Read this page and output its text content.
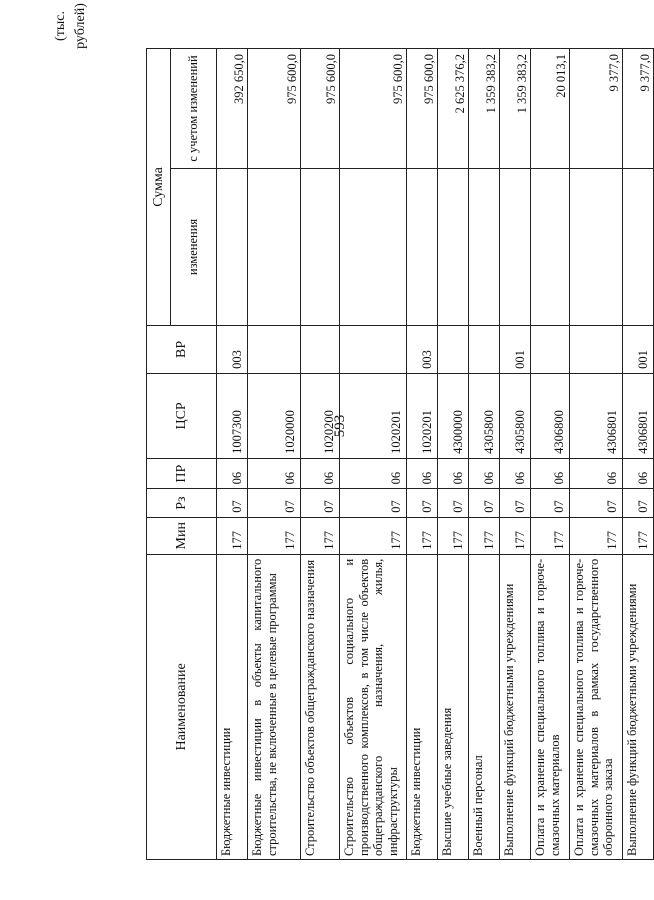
593
(тыс. рублей)
Наименование	Мин	Рз	ПР	ЦСР	ВР	Сумма	
						изменения	с учетом изменений
Бюджетные инвестиции	177	07	06	1007300	003		392 650,0
Бюджетные инвестиции в объекты капитального строительства, не включенные в целевые программы	177	07	06	1020000			975 600,0
Строительство объектов общегражданского назначения	177	07	06	1020200			975 600,0
Строительство объектов социального и производственного комплексов, в том числе объектов общегражданского назначения, жилья, инфраструктуры	177	07	06	1020201			975 600,0
Бюджетные инвестиции	177	07	06	1020201	003		975 600,0
Высшие учебные заведения	177	07	06	4300000			2 625 376,2
Военный персонал	177	07	06	4305800			1 359 383,2
Выполнение функций бюджетными учреждениями	177	07	06	4305800	001		1 359 383,2
Оплата и хранение специального топлива и горюче-смазочных материалов	177	07	06	4306800			20 013,1
Оплата и хранение специального топлива и горюче-смазочных материалов в рамках государственного оборонного заказа	177	07	06	4306801			9 377,0
Выполнение функций бюджетными учреждениями	177	07	06	4306801	001		9 377,0
